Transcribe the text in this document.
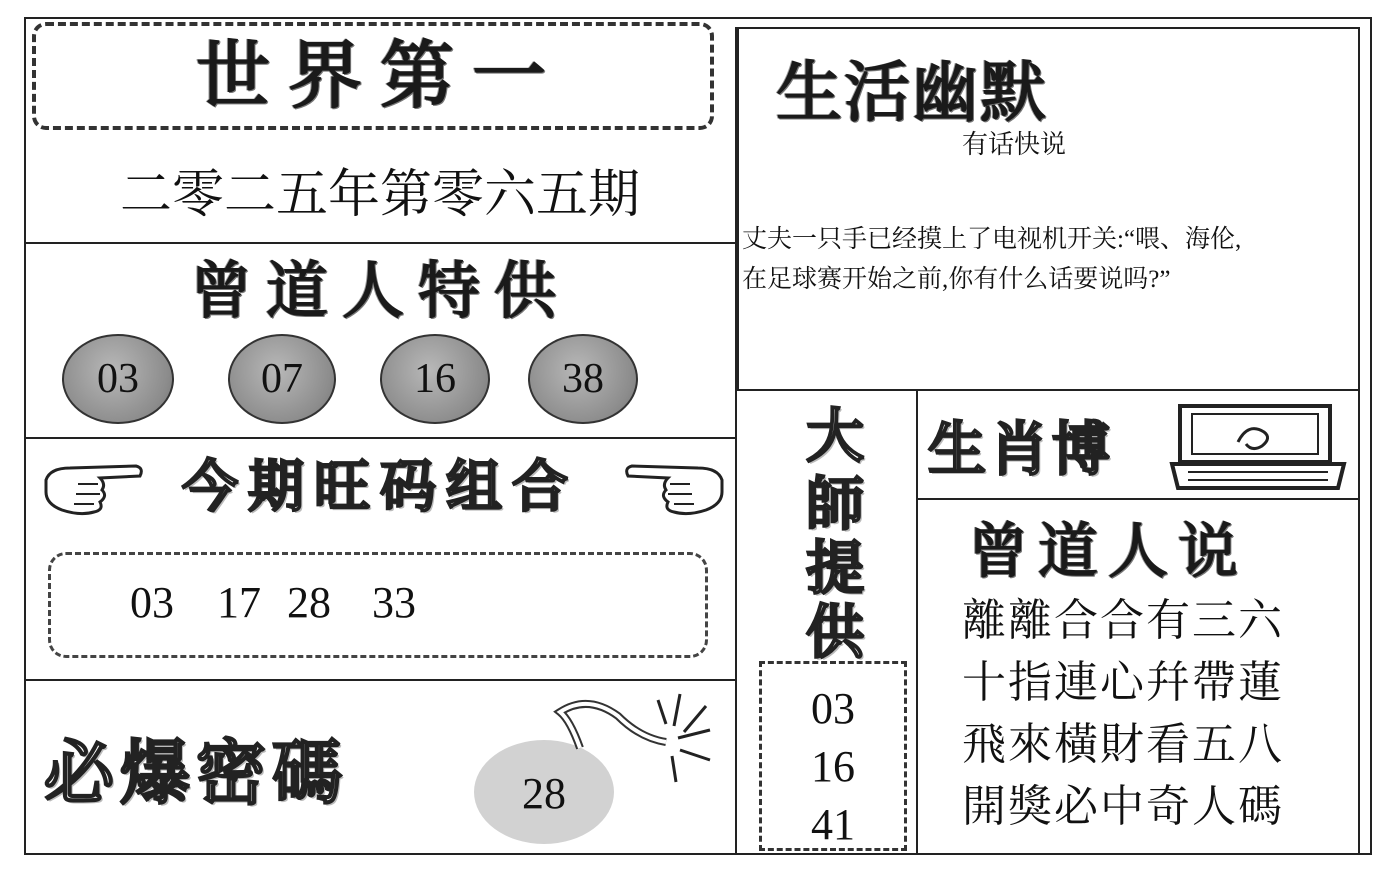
世界第一
二零二五年第零六五期
曾道人特供
03	07	16	38
今期旺码组合
03 17 28 33
必爆密碼	28
生活幽默
有话快说
丈夫一只手已经摸上了电视机开关:“喂、海伦,
在足球赛开始之前,你有什么话要说吗?”
大
師
提
供
03
16
41
生肖博
曾道人说
離離合合有三六
十指連心幷帶蓮
飛來橫財看五八
開獎必中奇人碼
